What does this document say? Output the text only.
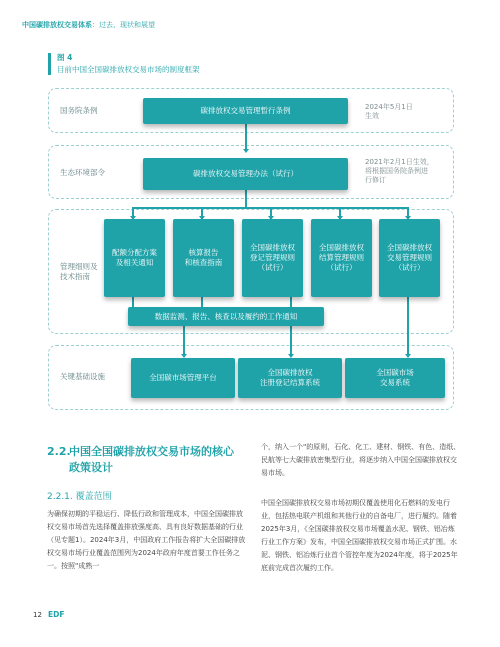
中国碳排放权交易体系：过去、现状和展望
图 4
目前中国全国碳排放权交易市场的制度框架
国务院条例
生态环境部令
管理细则及
技术指南
关键基础设施
碳排放权交易管理暂行条例	2024年5月1日
生效
碳排放权交易管理办法（试行）
2021年2月1日生效，
将根据国务院条例进
行修订
配额分配方案
及相关通知
核算报告
和核查指南
全国碳排放权
登记管理规则
（试行）
全国碳排放权
结算管理规则
（试行）
全国碳排放权
交易管理规则
（试行）
数据监测、报告、核查以及履约的工作通知
全国碳市场管理平台
全国碳排放权
注册登记结算系统
全国碳市场
交易系统
2.2.中国全国碳排放权交易市场的核心
政策设计
2.2.1. 覆盖范围
为确保初期的平稳运行、降低行政和管理成本，中国全国碳排放权交易市场首先选择覆盖排放强度高、具有良好数据基础的行业（见专题1）。2024年3月，中国政府工作报告将扩大全国碳排放权交易市场行业覆盖范围列为2024年政府年度首要工作任务之一。按照"成熟一
个，纳入一个"的原则，石化、化工、建材、钢铁、有色、造纸、民航等七大碳排放密集型行业，将逐步纳入中国全国碳排放权交易市场。
中国全国碳排放权交易市场初期仅覆盖使用化石燃料的发电行业，包括热电联产机组和其他行业的自备电厂，进行履约。随着2025年3月，《全国碳排放权交易市场覆盖水泥、钢铁、铝冶炼行业工作方案》发布，中国全国碳排放权交易市场正式扩围。水泥、钢铁、铝冶炼行业首个管控年度为2024年度，将于2025年底前完成首次履约工作。
12 EDF
